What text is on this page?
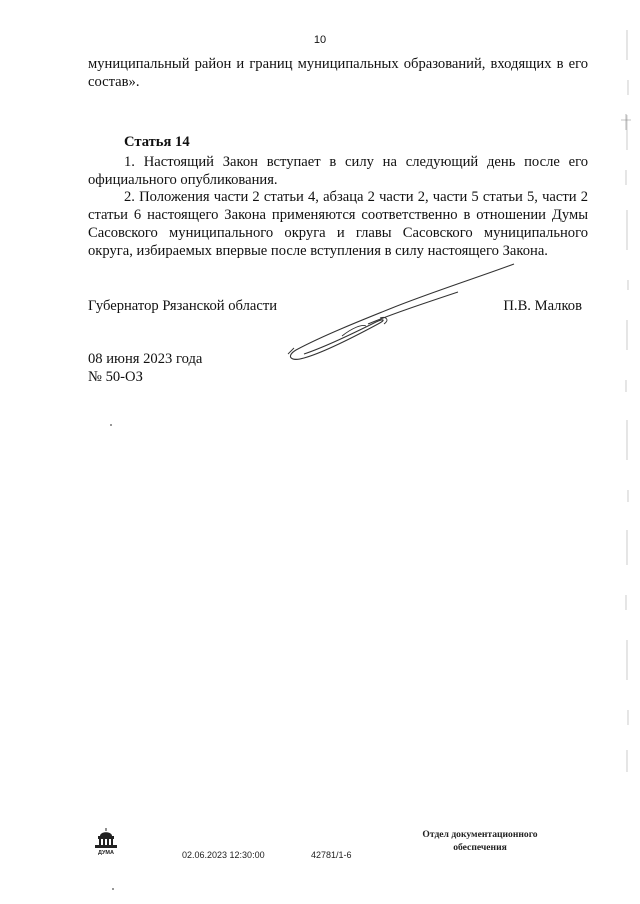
10

муниципальный район и границ муниципальных образований, входящих в его состав».

Статья 14

1. Настоящий Закон вступает в силу на следующий день после его официального опубликования.

2. Положения части 2 статьи 4, абзаца 2 части 2, части 5 статьи 5, части 2 статьи 6 настоящего Закона применяются соответственно в отношении Думы Сасовского муниципального округа и главы Сасовского муниципального округа, избираемых впервые после вступления в силу настоящего Закона.

Губернатор Рязанской области	П.В. Малков
08 июня 2023 года
№ 50-ОЗ
ДУМА
Отдел документационного
обеспечения
02.06.2023 12:30:00	42781/1-6
